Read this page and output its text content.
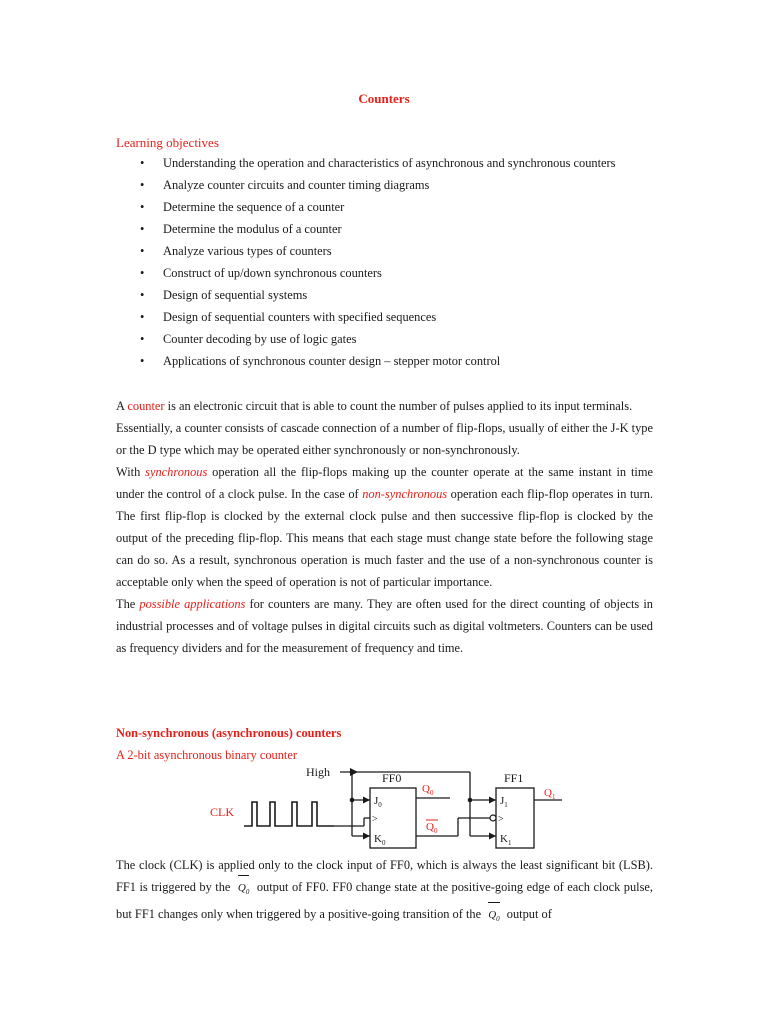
Counters
Learning objectives
• Understanding the operation and characteristics of asynchronous and synchronous counters
• Analyze counter circuits and counter timing diagrams
• Determine the sequence of a counter
• Determine the modulus of a counter
• Analyze various types of counters
• Construct of up/down synchronous counters
• Design of sequential systems
• Design of sequential counters with specified sequences
• Counter decoding by use of logic gates
• Applications of synchronous counter design – stepper motor control

A counter is an electronic circuit that is able to count the number of pulses applied to its input terminals.

Essentially, a counter consists of cascade connection of a number of flip-flops, usually of either the J-K type or the D type which may be operated either synchronously or non-synchronously.

With synchronous operation all the flip-flops making up the counter operate at the same instant in time under the control of a clock pulse. In the case of non-synchronous operation each flip-flop operates in turn. The first flip-flop is clocked by the external clock pulse and then successive flip-flop is clocked by the output of the preceding flip-flop. This means that each stage must change state before the following stage can do so. As a result, synchronous operation is much faster and the use of a non-synchronous counter is acceptable only when the speed of operation is not of particular importance.

The possible applications for counters are many. They are often used for the direct counting of objects in industrial processes and of voltage pulses in digital circuits such as digital voltmeters. Counters can be used as frequency dividers and for the measurement of frequency and time.

Non-synchronous (asynchronous) counters
A 2-bit asynchronous binary counter
High
CLK
FF0
$J_0$
>
$K_0$
$Q_0$
$Q_0$
FF1
$J_1$
>
$K_1$
$Q_1$

The clock (CLK) is applied only to the clock input of FF0, which is always the least significant bit (LSB). FF1 is triggered by the $Q_0$ output of FF0. FF0 change state at the positive-going edge of each clock pulse, but FF1 changes only when triggered by a positive-going transition of the $Q_0$ output of
